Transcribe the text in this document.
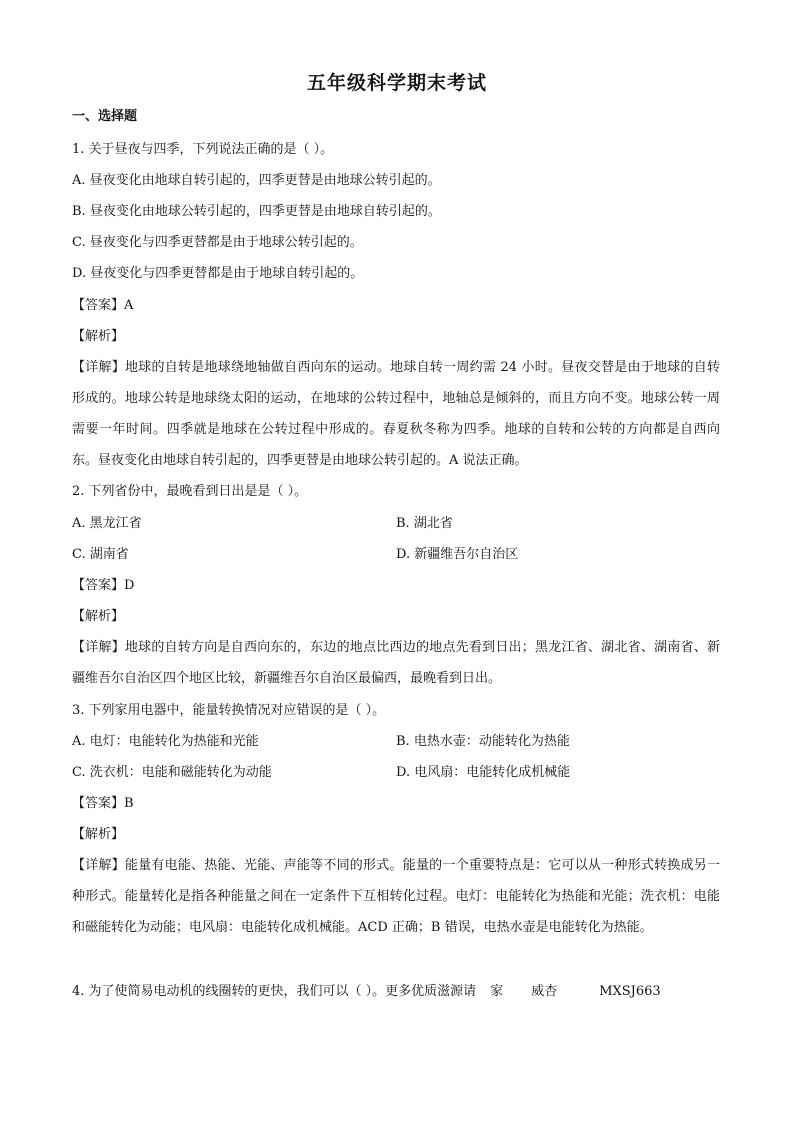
五年级科学期末考试
一、选择题
1. 关于昼夜与四季，下列说法正确的是（ ）。
A. 昼夜变化由地球自转引起的，四季更替是由地球公转引起的。
B. 昼夜变化由地球公转引起的，四季更替是由地球自转引起的。
C. 昼夜变化与四季更替都是由于地球公转引起的。
D. 昼夜变化与四季更替都是由于地球自转引起的。
【答案】A
【解析】
【详解】地球的自转是地球绕地轴做自西向东的运动。地球自转一周约需 24 小时。昼夜交替是由于地球的自转形成的。地球公转是地球绕太阳的运动，在地球的公转过程中，地轴总是倾斜的，而且方向不变。地球公转一周需要一年时间。四季就是地球在公转过程中形成的。春夏秋冬称为四季。地球的自转和公转的方向都是自西向东。昼夜变化由地球自转引起的，四季更替是由地球公转引起的。A 说法正确。
2. 下列省份中，最晚看到日出是是（ ）。
A. 黑龙江省	B. 湖北省
C. 湖南省	D. 新疆维吾尔自治区
【答案】D
【解析】
【详解】地球的自转方向是自西向东的，东边的地点比西边的地点先看到日出；黑龙江省、湖北省、湖南省、新疆维吾尔自治区四个地区比较，新疆维吾尔自治区最偏西，最晚看到日出。
3. 下列家用电器中，能量转换情况对应错误的是（ ）。
A. 电灯：电能转化为热能和光能	B. 电热水壶：动能转化为热能
C. 洗衣机：电能和磁能转化为动能	D. 电风扇：电能转化成机械能
【答案】B
【解析】
【详解】能量有电能、热能、光能、声能等不同的形式。能量的一个重要特点是：它可以从一种形式转换成另一种形式。能量转化是指各种能量之间在一定条件下互相转化过程。电灯：电能转化为热能和光能；洗衣机：电能和磁能转化为动能；电风扇：电能转化成机械能。ACD 正确；B 错误，电热水壶是电能转化为热能。
4. 为了使简易电动机的线圈转的更快，我们可以（ ）。更多优质滋源请 家 威杏	MXSJ663
